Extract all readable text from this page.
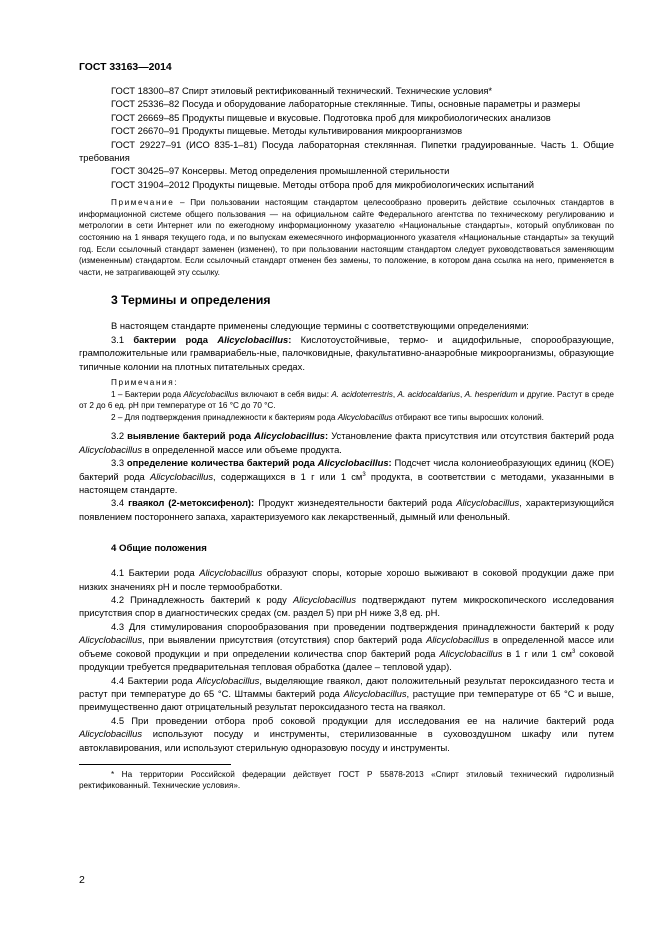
ГОСТ 33163—2014

ГОСТ 18300–87 Спирт этиловый ректификованный технический. Технические условия*

ГОСТ 25336–82 Посуда и оборудование лабораторные стеклянные. Типы, основные параметры и размеры

ГОСТ 26669–85 Продукты пищевые и вкусовые. Подготовка проб для микробиологических анализов

ГОСТ 26670–91 Продукты пищевые. Методы культивирования микроорганизмов

ГОСТ 29227–91 (ИСО 835-1–81) Посуда лабораторная стеклянная. Пипетки градуированные. Часть 1. Общие требования

ГОСТ 30425–97 Консервы. Метод определения промышленной стерильности

ГОСТ 31904–2012 Продукты пищевые. Методы отбора проб для микробиологических испытаний

Примечание – При пользовании настоящим стандартом целесообразно проверить действие ссылочных стандартов в информационной системе общего пользования — на официальном сайте Федерального агентства по техническому регулированию и метрологии в сети Интернет или по ежегодному информационному указателю «Национальные стандарты», который опубликован по состоянию на 1 января текущего года, и по выпускам ежемесячного информационного указателя «Национальные стандарты» за текущий год. Если ссылочный стандарт заменен (изменен), то при пользовании настоящим стандартом следует руководствоваться заменяющим (измененным) стандартом. Если ссылочный стандарт отменен без замены, то положение, в котором дана ссылка на него, применяется в части, не затрагивающей эту ссылку.

3 Термины и определения

В настоящем стандарте применены следующие термины с соответствующими определениями:

3.1 бактерии рода Alicyclobacillus: Кислотоустойчивые, термо- и ацидофильные, спорообразующие, грамположительные или грамвариабель-ные, палочковидные, факультативно-анаэробные микроорганизмы, образующие типичные колонии на плотных питательных средах.

Примечания:

1 – Бактерии рода Alicyclobacillus включают в себя виды: A. acidoterrestris, A. acidocaldarius, A. hesperidum и другие. Растут в среде от 2 до 6 ед. рН при температуре от 16 °С до 70 °С.

2 – Для подтверждения принадлежности к бактериям рода Alicyclobacillus отбирают все типы выросших колоний.

3.2 выявление бактерий рода Alicyclobacillus: Установление факта присутствия или отсутствия бактерий рода Alicyclobacillus в определенной массе или объеме продукта.

3.3 определение количества бактерий рода Alicyclobacillus: Подсчет числа колониеобразующих единиц (КОЕ) бактерий рода Alicyclobacillus, содержащихся в 1 г или 1 $см^3$ продукта, в соответствии с методами, указанными в настоящем стандарте.

3.4 гваякол (2-метоксифенол): Продукт жизнедеятельности бактерий рода Alicyclobacillus, характеризующийся появлением постороннего запаха, характеризуемого как лекарственный, дымный или фенольный.

4 Общие положения

4.1 Бактерии рода Alicyclobacillus образуют споры, которые хорошо выживают в соковой продукции даже при низких значениях рН и после термообработки.

4.2 Принадлежность бактерий к роду Alicyclobacillus подтверждают путем микроскопического исследования присутствия спор в диагностических средах (см. раздел 5) при рН ниже 3,8 ед. рН.

4.3 Для стимулирования спорообразования при проведении подтверждения принадлежности бактерий к роду Alicyclobacillus, при выявлении присутствия (отсутствия) спор бактерий рода Alicyclobacillus в определенной массе или объеме соковой продукции и при определении количества спор бактерий рода Alicyclobacillus в 1 г или 1 $см^3$ соковой продукции требуется предварительная тепловая обработка (далее – тепловой удар).

4.4 Бактерии рода Alicyclobacillus, выделяющие гваякол, дают положительный результат пероксидазного теста и растут при температуре до 65 °С. Штаммы бактерий рода Alicyclobacillus, растущие при температуре от 65 °С и выше, преимущественно дают отрицательный результат пероксидазного теста на гваякол.

4.5 При проведении отбора проб соковой продукции для исследования ее на наличие бактерий рода Alicyclobacillus используют посуду и инструменты, стерилизованные в суховоздушном шкафу или путем автоклавирования, или используют стерильную одноразовую посуду и инструменты.

* На территории Российской федерации действует ГОСТ Р 55878-2013 «Спирт этиловый технический гидролизный ректификованный. Технические условия».

2
